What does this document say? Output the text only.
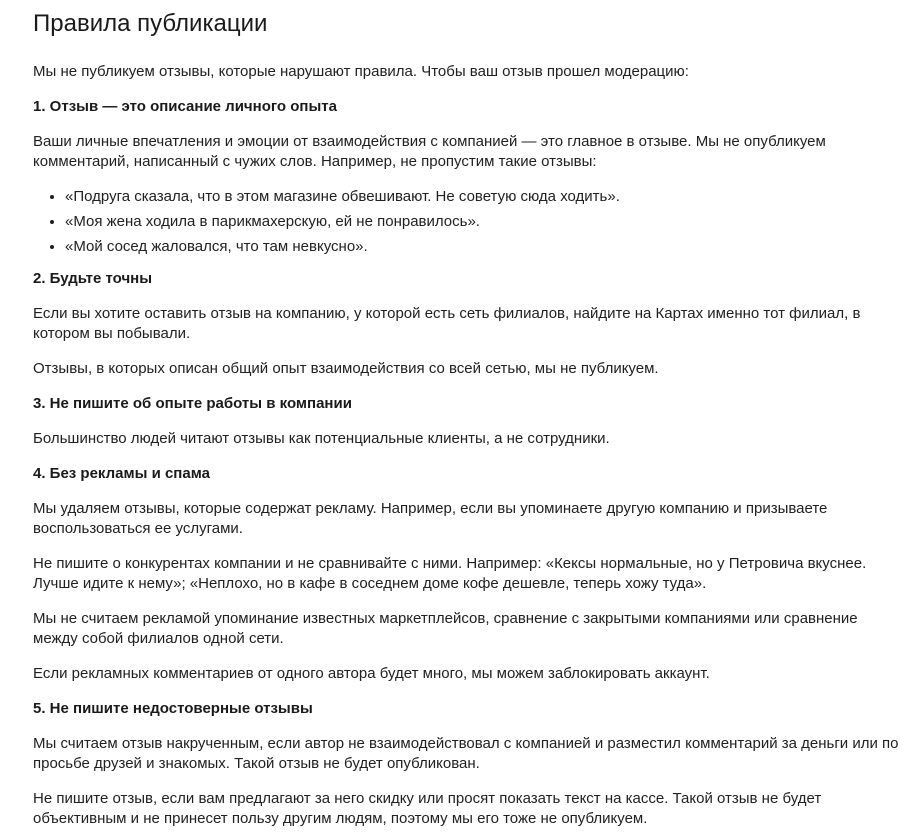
Правила публикации

Мы не публикуем отзывы, которые нарушают правила. Чтобы ваш отзыв прошел модерацию:

1. Отзыв — это описание личного опыта

Ваши личные впечатления и эмоции от взаимодействия с компанией — это главное в отзыве. Мы не опубликуем комментарий, написанный с чужих слов. Например, не пропустим такие отзывы:

• «Подруга сказала, что в этом магазине обвешивают. Не советую сюда ходить».
• «Моя жена ходила в парикмахерскую, ей не понравилось».
• «Мой сосед жаловался, что там невкусно».
2. Будьте точны

Если вы хотите оставить отзыв на компанию, у которой есть сеть филиалов, найдите на Картах именно тот филиал, в котором вы побывали.

Отзывы, в которых описан общий опыт взаимодействия со всей сетью, мы не публикуем.

3. Не пишите об опыте работы в компании

Большинство людей читают отзывы как потенциальные клиенты, а не сотрудники.

4. Без рекламы и спама

Мы удаляем отзывы, которые содержат рекламу. Например, если вы упоминаете другую компанию и призываете воспользоваться ее услугами.

Не пишите о конкурентах компании и не сравнивайте с ними. Например: «Кексы нормальные, но у Петровича вкуснее. Лучше идите к нему»; «Неплохо, но в кафе в соседнем доме кофе дешевле, теперь хожу туда».

Мы не считаем рекламой упоминание известных маркетплейсов, сравнение с закрытыми компаниями или сравнение между собой филиалов одной сети.

Если рекламных комментариев от одного автора будет много, мы можем заблокировать аккаунт.

5. Не пишите недостоверные отзывы

Мы считаем отзыв накрученным, если автор не взаимодействовал с компанией и разместил комментарий за деньги или по просьбе друзей и знакомых. Такой отзыв не будет опубликован.

Не пишите отзыв, если вам предлагают за него скидку или просят показать текст на кассе. Такой отзыв не будет объективным и не принесет пользу другим людям, поэтому мы его тоже не опубликуем.
